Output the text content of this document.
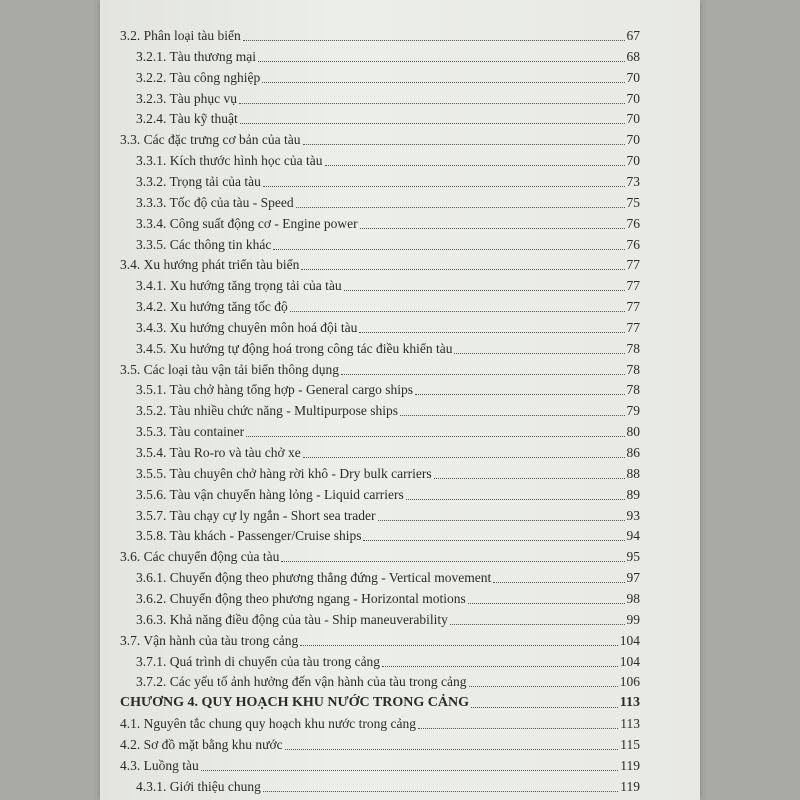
3.2. Phân loại tàu biển	67
3.2.1. Tàu thương mại	68
3.2.2. Tàu công nghiệp	70
3.2.3. Tàu phục vụ	70
3.2.4. Tàu kỹ thuật	70
3.3. Các đặc trưng cơ bản của tàu	70
3.3.1. Kích thước hình học của tàu	70
3.3.2. Trọng tải của tàu	73
3.3.3. Tốc độ của tàu - Speed	75
3.3.4. Công suất động cơ - Engine power	76
3.3.5. Các thông tin khác	76
3.4. Xu hướng phát triển tàu biển	77
3.4.1. Xu hướng tăng trọng tải của tàu	77
3.4.2. Xu hướng tăng tốc độ	77
3.4.3. Xu hướng chuyên môn hoá đội tàu	77
3.4.5. Xu hướng tự động hoá trong công tác điều khiển tàu	78
3.5. Các loại tàu vận tải biển thông dụng	78
3.5.1. Tàu chở hàng tổng hợp - General cargo ships	78
3.5.2. Tàu nhiều chức năng - Multipurpose ships	79
3.5.3. Tàu container	80
3.5.4. Tàu Ro-ro và tàu chở xe	86
3.5.5. Tàu chuyên chở hàng rời khô - Dry bulk carriers	88
3.5.6. Tàu vận chuyển hàng lỏng - Liquid carriers	89
3.5.7. Tàu chạy cự ly ngắn - Short sea trader	93
3.5.8. Tàu khách - Passenger/Cruise ships	94
3.6. Các chuyển động của tàu	95
3.6.1. Chuyển động theo phương thẳng đứng - Vertical movement	97
3.6.2. Chuyển động theo phương ngang - Horizontal motions	98
3.6.3. Khả năng điều động của tàu - Ship maneuverability	99
3.7. Vận hành của tàu trong cảng	104
3.7.1. Quá trình di chuyển của tàu trong cảng	104
3.7.2. Các yếu tố ảnh hưởng đến vận hành của tàu trong cảng	106
CHƯƠNG 4. QUY HOẠCH KHU NƯỚC TRONG CẢNG	113
4.1. Nguyên tắc chung quy hoạch khu nước trong cảng	113
4.2. Sơ đồ mặt bằng khu nước	115
4.3. Luồng tàu	119
4.3.1. Giới thiệu chung	119
